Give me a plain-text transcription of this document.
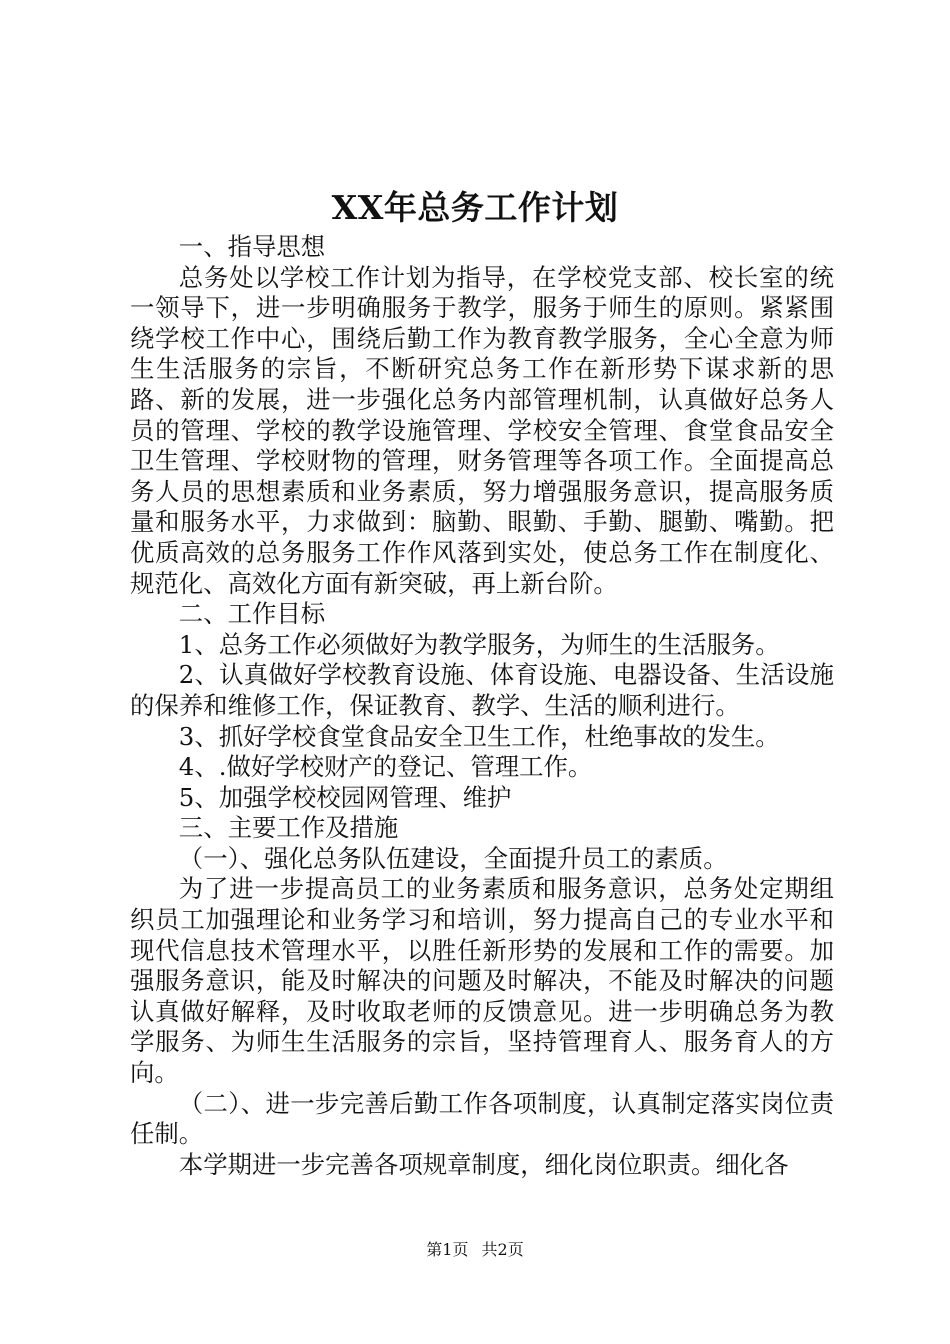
XX年总务工作计划

一、指导思想

总务处以学校工作计划为指导，在学校党支部、校长室的统一领导下，进一步明确服务于教学，服务于师生的原则。紧紧围绕学校工作中心，围绕后勤工作为教育教学服务，全心全意为师生生活服务的宗旨，不断研究总务工作在新形势下谋求新的思路、新的发展，进一步强化总务内部管理机制，认真做好总务人员的管理、学校的教学设施管理、学校安全管理、食堂食品安全卫生管理、学校财物的管理，财务管理等各项工作。全面提高总务人员的思想素质和业务素质，努力增强服务意识，提高服务质量和服务水平，力求做到：脑勤、眼勤、手勤、腿勤、嘴勤。把优质高效的总务服务工作作风落到实处，使总务工作在制度化、规范化、高效化方面有新突破，再上新台阶。

二、工作目标

1、总务工作必须做好为教学服务，为师生的生活服务。

2、认真做好学校教育设施、体育设施、电器设备、生活设施的保养和维修工作，保证教育、教学、生活的顺利进行。

3、抓好学校食堂食品安全卫生工作，杜绝事故的发生。

4、.做好学校财产的登记、管理工作。

5、加强学校校园网管理、维护

三、主要工作及措施

（一）、强化总务队伍建设，全面提升员工的素质。

为了进一步提高员工的业务素质和服务意识，总务处定期组织员工加强理论和业务学习和培训，努力提高自己的专业水平和现代信息技术管理水平，以胜任新形势的发展和工作的需要。加强服务意识，能及时解决的问题及时解决，不能及时解决的问题认真做好解释，及时收取老师的反馈意见。进一步明确总务为教学服务、为师生生活服务的宗旨，坚持管理育人、服务育人的方向。

（二）、进一步完善后勤工作各项制度，认真制定落实岗位责任制。

本学期进一步完善各项规章制度，细化岗位职责。细化各

第1页 共2页
